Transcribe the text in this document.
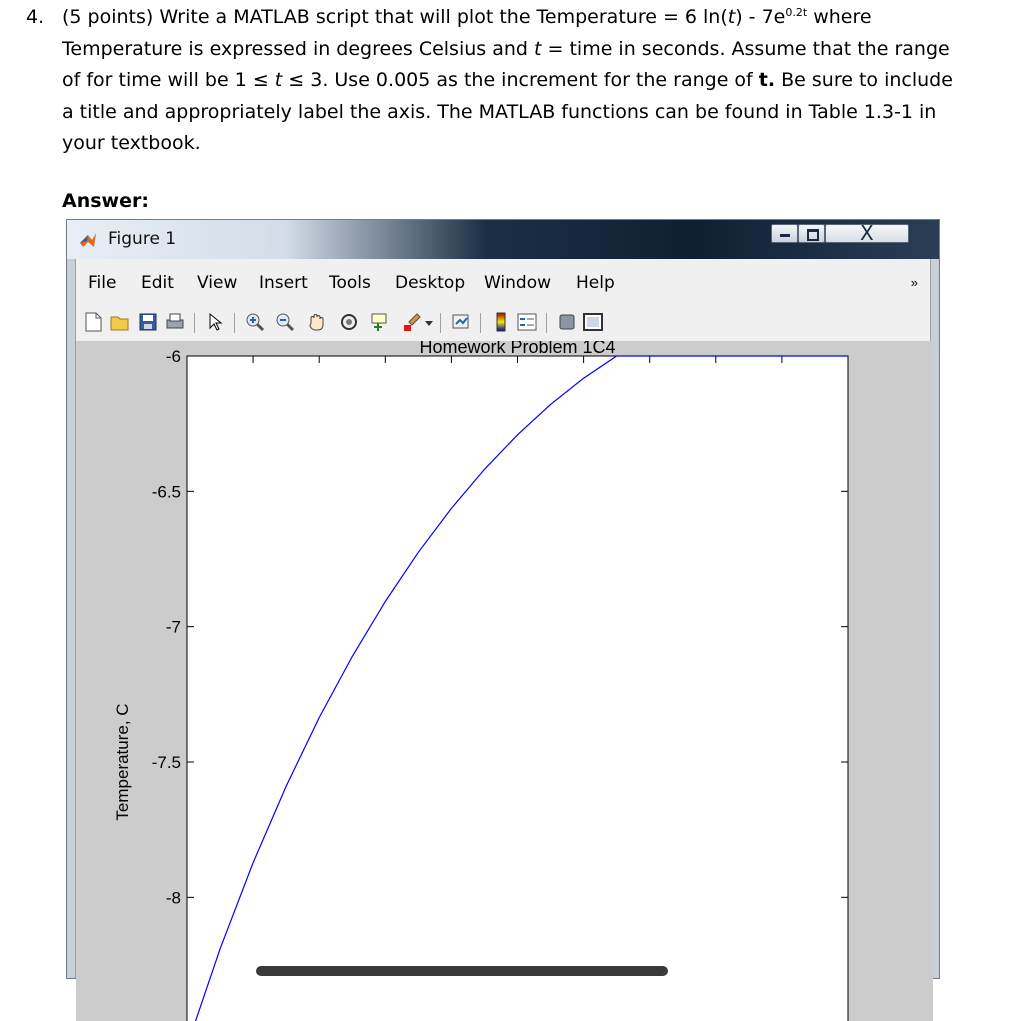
4. (5 points) Write a MATLAB script that will plot the Temperature = 6 $\ln(t) - 7e^{0.2t}$ where Temperature is expressed in degrees Celsius and t = time in seconds. Assume that the range of for time will be 1 ≤ t ≤ 3. Use 0.005 as the increment for the range of t. Be sure to include a title and appropriately label the axis. The MATLAB functions can be found in Table 1.3-1 in your textbook.
Answer:
Figure 1	X
File Edit View Insert Tools Desktop Window Help	»
-8
-7.5
-7
-6.5
-6	Homework Problem 1C4
Temperature, C
